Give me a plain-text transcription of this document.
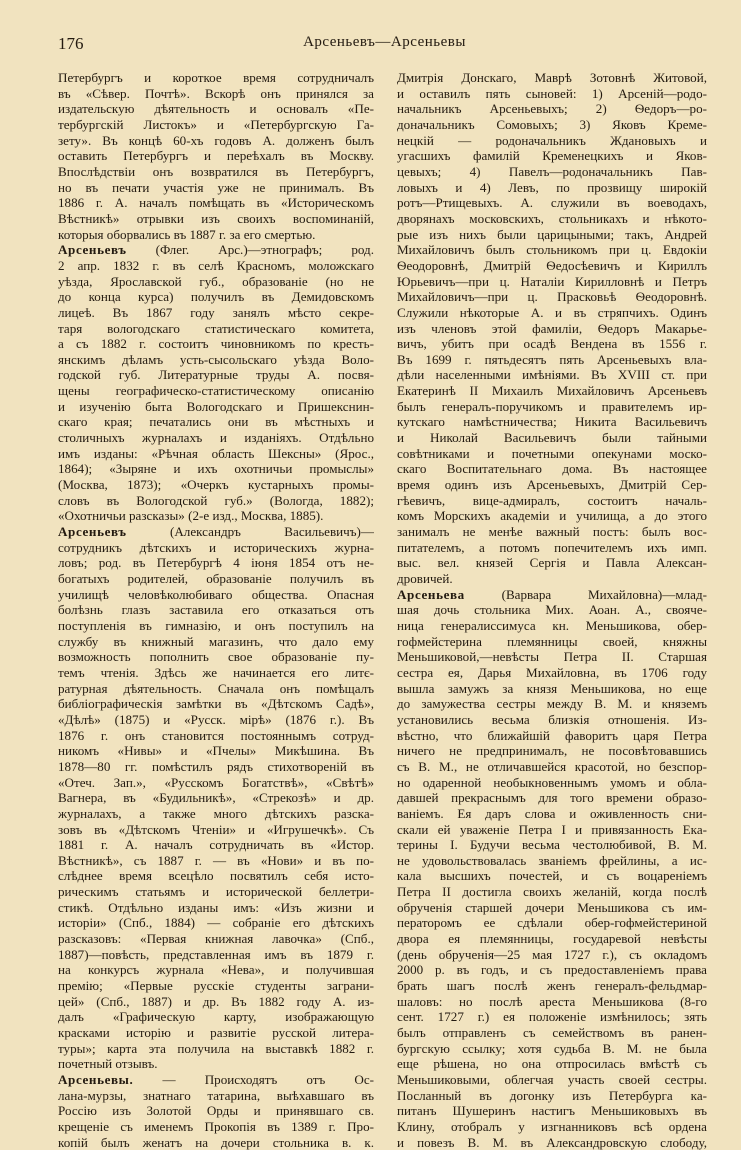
176	Арсеньевъ—Арсеньевы
Петербургъ и короткое время сотрудничалъ
въ «Сѣвер. Почтѣ». Вскорѣ онъ принялся за
издательскую дѣятельность и основалъ «Пе-
тербургскій Листокъ» и «Петербургскую Га-
зету». Въ концѣ 60-хъ годовъ А. долженъ былъ
оставить Петербургъ и переѣхалъ въ Москву.
Впослѣдствіи онъ возвратился въ Петербургъ,
но въ печати участія уже не принималъ. Въ
1886 г. А. началъ помѣщать въ «Историческомъ
Вѣстникѣ» отрывки изъ своихъ воспоминаній,
которыя оборвались въ 1887 г. за его смертью.
Арсеньевъ (Флег. Арс.)—этнографъ; род.
2 апр. 1832 г. въ селѣ Красномъ, моложскаго
уѣзда, Ярославской губ., образованіе (но не
до конца курса) получилъ въ Демидовскомъ
лицеѣ. Въ 1867 году занялъ мѣсто секре-
таря вологодскаго статистическаго комитета,
а съ 1882 г. состоитъ чиновникомъ по кресть-
янскимъ дѣламъ усть-сысольскаго уѣзда Воло-
годской губ. Литературные труды А. посвя-
щены географическо-статистическому описанію
и изученію быта Вологодскаго и Пришекснин-
скаго края; печатались они въ мѣстныхъ и
столичныхъ журналахъ и изданіяхъ. Отдѣльно
имъ изданы: «Рѣчная область Шексны» (Ярос.,
1864); «Зыряне и ихъ охотничьи промыслы»
(Москва, 1873); «Очеркъ кустарныхъ промы-
словъ въ Вологодской губ.» (Вологда, 1882);
«Охотничьи разсказы» (2-е изд., Москва, 1885).
Арсеньевъ (Александръ Васильевичъ)—
сотрудникъ дѣтскихъ и историческихъ журна-
ловъ; род. въ Петербургѣ 4 іюня 1854 отъ не-
богатыхъ родителей, образованіе получилъ въ
училищѣ человѣколюбиваго общества. Опасная
болѣзнь глазъ заставила его отказаться отъ
поступленія въ гимназію, и онъ поступилъ на
службу въ книжный магазинъ, что дало ему
возможность пополнить свое образованіе пу-
темъ чтенія. Здѣсь же начинается его литє-
ратурная дѣятельность. Сначала онъ помѣщалъ
библіографическія замѣтки въ «Дѣтскомъ Садѣ»,
«Дѣлѣ» (1875) и «Русск. мірѣ» (1876 г.). Въ
1876 г. онъ становится постояннымъ сотруд-
никомъ «Нивы» и «Пчелы» Микѣшина. Въ
1878—80 гг. помѣстилъ рядъ стихотвореній въ
«Отеч. Зап.», «Русскомъ Богатствѣ», «Свѣтѣ»
Вагнера, въ «Будильникѣ», «Стрекозѣ» и др.
журналахъ, а также много дѣтскихъ разска-
зовъ въ «Дѣтскомъ Чтеніи» и «Игрушечкѣ». Съ
1881 г. А. началъ сотрудничать въ «Истор.
Вѣстникѣ», съ 1887 г. — въ «Нови» и въ по-
слѣднее время всецѣло посвятилъ себя исто-
рическимъ статьямъ и исторической беллетри-
стикѣ. Отдѣльно изданы имъ: «Изъ жизни и
исторіи» (Спб., 1884) — собраніе его дѣтскихъ
разсказовъ: «Первая книжная лавочка» (Спб.,
1887)—повѣсть, представленная имъ въ 1879 г.
на конкурсъ журнала «Нева», и получившая
премію; «Первые русскіе студенты заграни-
цей» (Спб., 1887) и др. Въ 1882 году А. из-
далъ «Графическую карту, изображающую
красками исторію и развитіе русской литера-
туры»; карта эта получила на выставкѣ 1882 г.
почетный отзывъ.
Арсеньевы. — Происходятъ отъ Ос-
лана-мурзы, знатнаго татарина, выѣхавшаго въ
Россію изъ Золотой Орды и принявшаго св.
крещеніе съ именемъ Прокопія въ 1389 г. Про-
копій былъ женатъ на дочери стольника в. к.
Дмитрія Донскаго, Маврѣ Зотовнѣ Житовой,
и оставилъ пять сыновей: 1) Арсеній—родо-
начальникъ Арсеньевыхъ; 2) Ѳедоръ—ро-
доначальникъ Сомовыхъ; 3) Яковъ Креме-
нецкій — родоначальникъ Ждановыхъ и
угасшихъ фамилій Кременецкихъ и Яков-
цевыхъ; 4) Павелъ—родоначальникъ Пав-
ловыхъ и 4) Левъ, по прозвищу широкій
ротъ—Ртищевыхъ. А. служили въ воеводахъ,
дворянахъ московскихъ, стольникахъ и нѣкото-
рые изъ нихъ были царицыными; такъ, Андрей
Михайловичъ былъ стольникомъ при ц. Евдокіи
Ѳеодоровнѣ, Дмитрій Ѳедосѣевичъ и Кириллъ
Юрьевичъ—при ц. Наталіи Кирилловнѣ и Петръ
Михайловичъ—при ц. Прасковьѣ Ѳеодоровнѣ.
Служили нѣкоторые А. и въ стряпчихъ. Одинъ
изъ членовъ этой фамиліи, Ѳедоръ Макарье-
вичъ, убитъ при осадѣ Вендена въ 1556 г.
Въ 1699 г. пятьдесятъ пять Арсеньевыхъ вла-
дѣли населенными имѣніями. Въ XVIII ст. при
Екатеринѣ II Михаилъ Михайловичъ Арсеньевъ
былъ генералъ-поручикомъ и правителемъ ир-
кутскаго намѣстничества; Никита Васильевичъ
и Николай Васильевичъ были тайными
совѣтниками и почетными опекунами моско-
скаго Воспитательнаго дома. Въ настоящее
время одинъ изъ Арсеньевыхъ, Дмитрій Сер-
гѣевичъ, вице-адмиралъ, состоитъ началь-
комъ Морскихъ академіи и училища, а до этого
занималъ не менѣе важный постъ: былъ вос-
питателемъ, а потомъ попечителемъ ихъ имп.
выс. вел. князей Сергія и Павла Алексан-
дровичей.
Арсеньева (Варвара Михайловна)—млад-
шая дочь стольника Мих. Аоан. А., свояче-
ница генералиссимуса кн. Меньшикова, обер-
гофмейстерина племянницы своей, княжны
Меньшиковой,—невѣсты Петра II. Старшая
сестра ея, Дарья Михайловна, въ 1706 году
вышла замужъ за князя Меньшикова, но еще
до замужества сестры между В. М. и княземъ
установились весьма близкія отношенія. Из-
вѣстно, что ближайшій фаворитъ царя Петра
ничего не предпринималъ, не посовѣтовавшись
съ В. М., не отличавшейся красотой, но безспор-
но одаренной необыкновеннымъ умомъ и обла-
давшей прекраснымъ для того времени образо-
ваніемъ. Ея даръ слова и оживленность сни-
скали ей уваженіе Петра I и привязанность Ека-
терины I. Будучи весьма честолюбивой, В. М.
не удовольствовалась званіемъ фрейлины, а ис-
кала высшихъ почестей, и съ воцареніемъ
Петра II достигла своихъ желаній, когда послѣ
обрученія старшей дочери Меньшикова съ им-
ператоромъ ее сдѣлали обер-гофмейстериной
двора ея племянницы, государевой невѣсты
(день обрученія—25 мая 1727 г.), съ окладомъ
2000 р. въ годъ, и съ предоставленіемъ права
брать шагъ послѣ женъ генералъ-фельдмар-
шаловъ: но послѣ ареста Меньшикова (8-го
сент. 1727 г.) ея положеніе измѣнилось; зять
былъ отправленъ съ семействомъ въ ранен-
бургскую ссылку; хотя судьба В. М. не была
еще рѣшена, но она отпросилась вмѣстѣ съ
Меньшиковыми, облегчая участь своей сестры.
Посланный въ догонку изъ Петербурга ка-
питанъ Шушеринъ настигъ Меньшиковыхъ въ
Клину, отобралъ у изгнанниковъ всѣ ордена
и повезъ В. М. въ Александровскую слободу,
